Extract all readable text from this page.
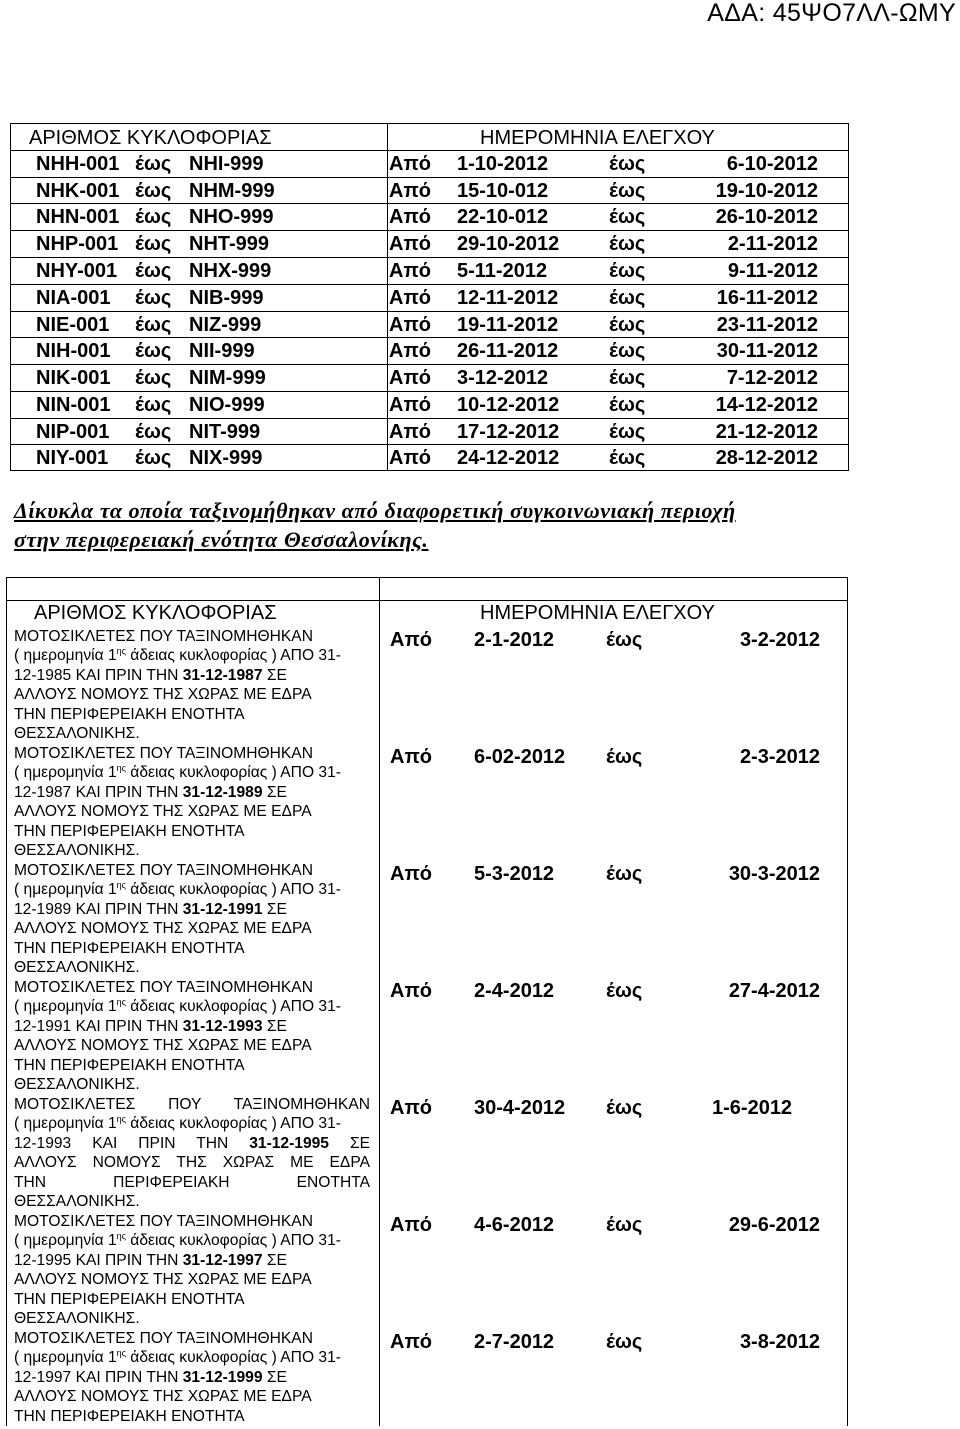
ΑΔΑ: 45ΨΟ7ΛΛ-ΩΜΥ
ΑΡΙΘΜΟΣ ΚΥΚΛΟΦΟΡΙΑΣ	ΗΜΕΡΟΜΗΝΙΑ ΕΛΕΓΧΟΥ
ΝΗΗ-001 έως ΝΗΙ-999	Από 1-10-2012	έως	6-10-2012
ΝΗΚ-001 έως ΝΗΜ-999	Από 15-10-012	έως	19-10-2012
ΝΗΝ-001 έως ΝΗΟ-999	Από 22-10-012	έως	26-10-2012
ΝΗΡ-001 έως ΝΗΤ-999	Από 29-10-2012 έως	2-11-2012
ΝΗΥ-001 έως ΝΗΧ-999	Από 5-11-2012	έως	9-11-2012
ΝΙΑ-001 έως ΝΙΒ-999	Από 12-11-2012	έως	16-11-2012
ΝΙΕ-001 έως ΝΙΖ-999	Από 19-11-2012	έως	23-11-2012
ΝΙΗ-001 έως ΝΙΙ-999	Από 26-11-2012	έως	30-11-2012
ΝΙΚ-001 έως ΝΙΜ-999	Από 3-12-2012	έως	7-12-2012
ΝΙΝ-001 έως ΝΙΟ-999	Από 10-12-2012 έως	14-12-2012
ΝΙΡ-001 έως ΝΙΤ-999	Από 17-12-2012 έως	21-12-2012
ΝΙΥ-001 έως ΝΙΧ-999	Από 24-12-2012 έως	28-12-2012
Δίκυκλα τα οποία ταξινομήθηκαν από διαφορετική συγκοινωνιακή περιοχή
στην περιφερειακή ενότητα Θεσσαλονίκης.
ΑΡΙΘΜΟΣ ΚΥΚΛΟΦΟΡΙΑΣ	ΗΜΕΡΟΜΗΝΙΑ ΕΛΕΓΧΟΥ
ΜΟΤΟΣΙΚΛΕΤΕΣ ΠΟΥ ΤΑΞΙΝΟΜΗΘΗΚΑΝ
( ημερομηνία $1^{\eta\varsigma}$ άδειας κυκλοφορίας ) ΑΠΟ 31-
12-1985 ΚΑΙ ΠΡΙΝ ΤΗΝ 31-12-1987 ΣΕ
ΑΛΛΟΥΣ ΝΟΜΟΥΣ ΤΗΣ ΧΩΡΑΣ ΜΕ ΕΔΡΑ
ΤΗΝ ΠΕΡΙΦΕΡΕΙΑΚΗ ΕΝΟΤΗΤΑ
ΘΕΣΣΑΛΟΝΙΚΗΣ.
Από 2-1-2012	έως	3-2-2012
ΜΟΤΟΣΙΚΛΕΤΕΣ ΠΟΥ ΤΑΞΙΝΟΜΗΘΗΚΑΝ
( ημερομηνία $1^{\eta\varsigma}$ άδειας κυκλοφορίας ) ΑΠΟ 31-
12-1987 ΚΑΙ ΠΡΙΝ ΤΗΝ 31-12-1989 ΣΕ
ΑΛΛΟΥΣ ΝΟΜΟΥΣ ΤΗΣ ΧΩΡΑΣ ΜΕ ΕΔΡΑ
ΤΗΝ ΠΕΡΙΦΕΡΕΙΑΚΗ ΕΝΟΤΗΤΑ
ΘΕΣΣΑΛΟΝΙΚΗΣ.
Από 6-02-2012 έως	2-3-2012
ΜΟΤΟΣΙΚΛΕΤΕΣ ΠΟΥ ΤΑΞΙΝΟΜΗΘΗΚΑΝ
( ημερομηνία $1^{\eta\varsigma}$ άδειας κυκλοφορίας ) ΑΠΟ 31-
12-1989 ΚΑΙ ΠΡΙΝ ΤΗΝ 31-12-1991 ΣΕ
ΑΛΛΟΥΣ ΝΟΜΟΥΣ ΤΗΣ ΧΩΡΑΣ ΜΕ ΕΔΡΑ
ΤΗΝ ΠΕΡΙΦΕΡΕΙΑΚΗ ΕΝΟΤΗΤΑ
ΘΕΣΣΑΛΟΝΙΚΗΣ.
Από 5-3-2012	έως	30-3-2012
ΜΟΤΟΣΙΚΛΕΤΕΣ ΠΟΥ ΤΑΞΙΝΟΜΗΘΗΚΑΝ
( ημερομηνία $1^{\eta\varsigma}$ άδειας κυκλοφορίας ) ΑΠΟ 31-
12-1991 ΚΑΙ ΠΡΙΝ ΤΗΝ 31-12-1993 ΣΕ
ΑΛΛΟΥΣ ΝΟΜΟΥΣ ΤΗΣ ΧΩΡΑΣ ΜΕ ΕΔΡΑ
ΤΗΝ ΠΕΡΙΦΕΡΕΙΑΚΗ ΕΝΟΤΗΤΑ
ΘΕΣΣΑΛΟΝΙΚΗΣ.
Από 2-4-2012	έως	27-4-2012
ΜΟΤΟΣΙΚΛΕΤΕΣ ΠΟΥ ΤΑΞΙΝΟΜΗΘΗΚΑΝ
( ημερομηνία $1^{\eta\varsigma}$ άδειας κυκλοφορίας ) ΑΠΟ 31-
12-1993 ΚΑΙ ΠΡΙΝ ΤΗΝ 31-12-1995 ΣΕ
ΑΛΛΟΥΣ ΝΟΜΟΥΣ ΤΗΣ ΧΩΡΑΣ ΜΕ ΕΔΡΑ
ΤΗΝ ΠΕΡΙΦΕΡΕΙΑΚΗ ΕΝΟΤΗΤΑ
ΘΕΣΣΑΛΟΝΙΚΗΣ.
Από 30-4-2012 έως	1-6-2012
ΜΟΤΟΣΙΚΛΕΤΕΣ ΠΟΥ ΤΑΞΙΝΟΜΗΘΗΚΑΝ
( ημερομηνία $1^{\eta\varsigma}$ άδειας κυκλοφορίας ) ΑΠΟ 31-
12-1995 ΚΑΙ ΠΡΙΝ ΤΗΝ 31-12-1997 ΣΕ
ΑΛΛΟΥΣ ΝΟΜΟΥΣ ΤΗΣ ΧΩΡΑΣ ΜΕ ΕΔΡΑ
ΤΗΝ ΠΕΡΙΦΕΡΕΙΑΚΗ ΕΝΟΤΗΤΑ
ΘΕΣΣΑΛΟΝΙΚΗΣ.
Από 4-6-2012	έως	29-6-2012
ΜΟΤΟΣΙΚΛΕΤΕΣ ΠΟΥ ΤΑΞΙΝΟΜΗΘΗΚΑΝ
( ημερομηνία $1^{\eta\varsigma}$ άδειας κυκλοφορίας ) ΑΠΟ 31-
12-1997 ΚΑΙ ΠΡΙΝ ΤΗΝ 31-12-1999 ΣΕ
ΑΛΛΟΥΣ ΝΟΜΟΥΣ ΤΗΣ ΧΩΡΑΣ ΜΕ ΕΔΡΑ
ΤΗΝ ΠΕΡΙΦΕΡΕΙΑΚΗ ΕΝΟΤΗΤΑ
Από 2-7-2012	έως	3-8-2012
